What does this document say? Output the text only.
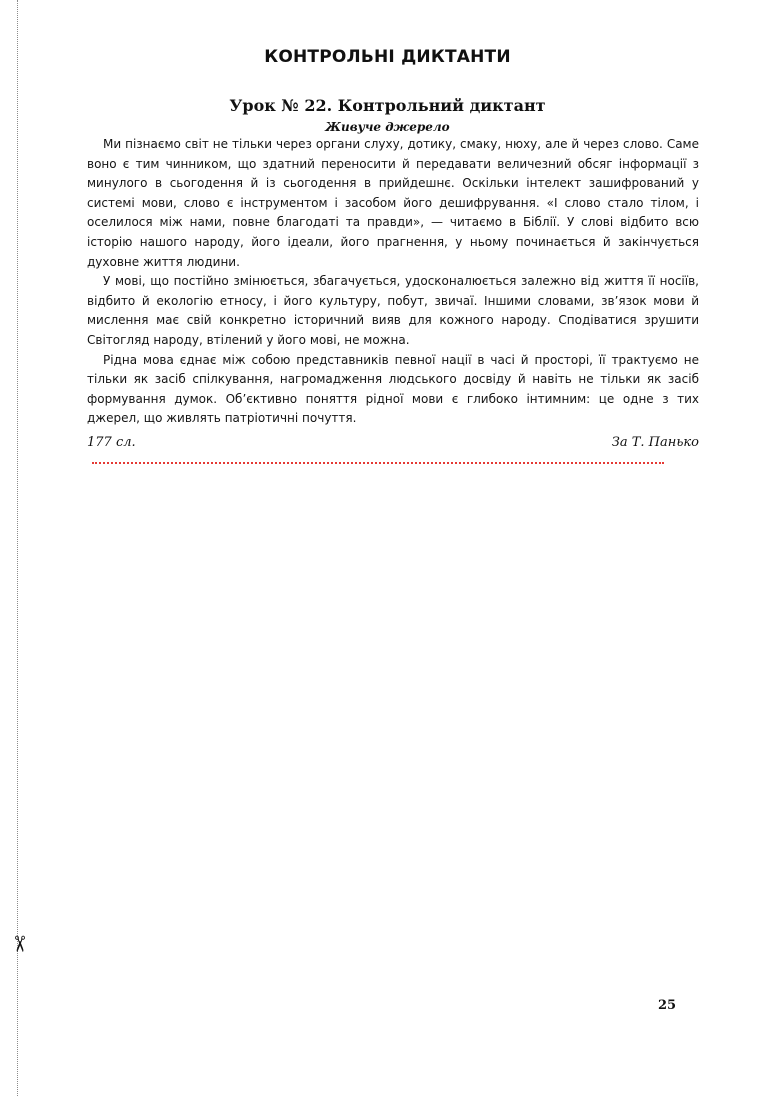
✂
КОНТРОЛЬНІ ДИКТАНТИ
Урок № 22. Контрольний диктант
Живуче джерело

Ми пізнаємо світ не тільки через органи слуху, дотику, смаку, нюху, але й через слово. Саме воно є тим чинником, що здатний переносити й передавати величезний обсяг інформації з минулого в сьогодення й із сьогодення в прийдешнє. Оскільки інтелект зашифрований у системі мови, слово є інструментом і засобом його дешифрування. «І слово стало тілом, і оселилося між нами, повне благодаті та правди», — читаємо в Біблії. У слові відбито всю історію нашого народу, його ідеали, його прагнення, у ньому починається й закінчується духовне життя людини.

У мові, що постійно змінюється, збагачується, удосконалюється залежно від життя її носіїв, відбито й екологію етносу, і його культуру, побут, звичаї. Іншими словами, зв’язок мови й мислення має свій конкретно історичний вияв для кожного народу. Сподіватися зрушити Світогляд народу, втілений у його мові, не можна.

Рідна мова єднає між собою представників певної нації в часі й просторі, її трактуємо не тільки як засіб спілкування, нагромадження людського досвіду й навіть не тільки як засіб формування думок. Об’єктивно поняття рідної мови є глибоко інтимним: це одне з тих джерел, що живлять патріотичні почуття.

177 сл.	За Т. Панько
25
